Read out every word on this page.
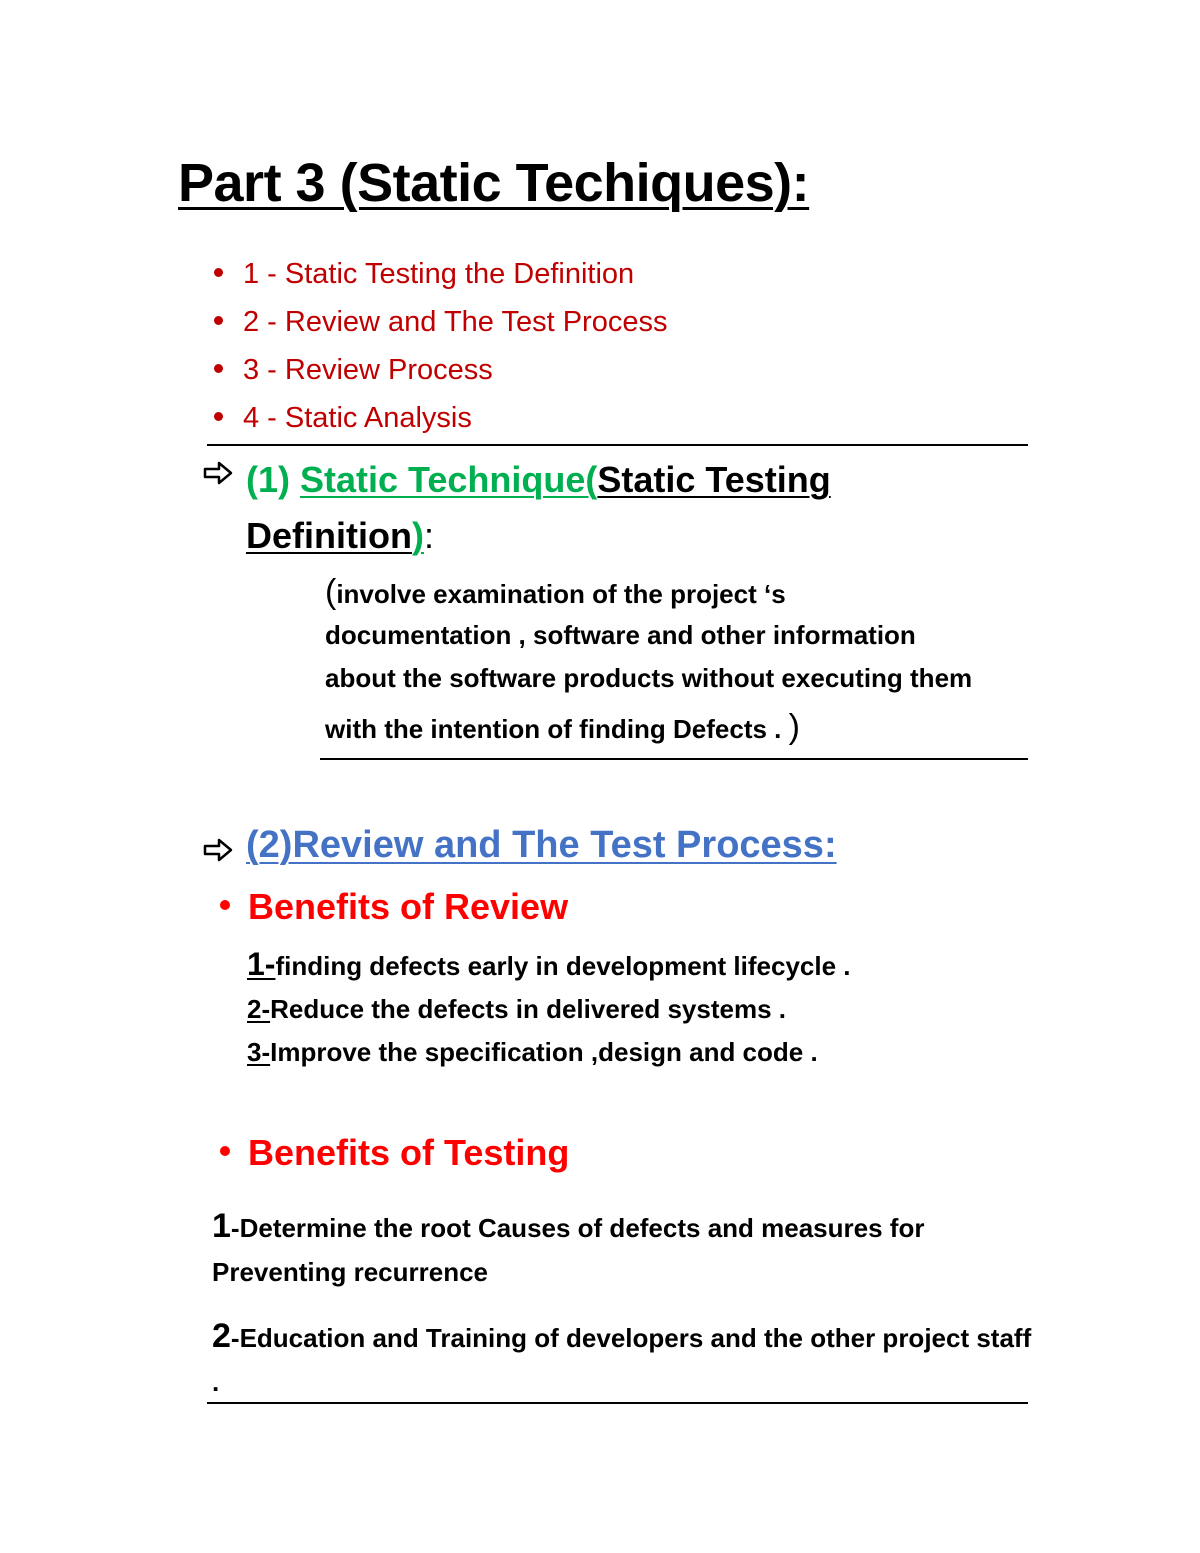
Part 3 (Static Techiques):
1 - Static Testing the Definition
2 - Review and The Test Process
3 - Review Process
4 - Static Analysis
(1) Static Technique(Static Testing Definition):
(involve examination of the project ‘s
documentation , software and other information
about the software products without executing them
with the intention of finding Defects . )
(2)Review and The Test Process:
Benefits of Review
1-finding defects early in development lifecycle .
2-Reduce the defects in delivered systems .
3-Improve the specification ,design and code .
Benefits of Testing
1-Determine the root Causes of defects and measures for Preventing recurrence
2-Education and Training of developers and the other project staff .
